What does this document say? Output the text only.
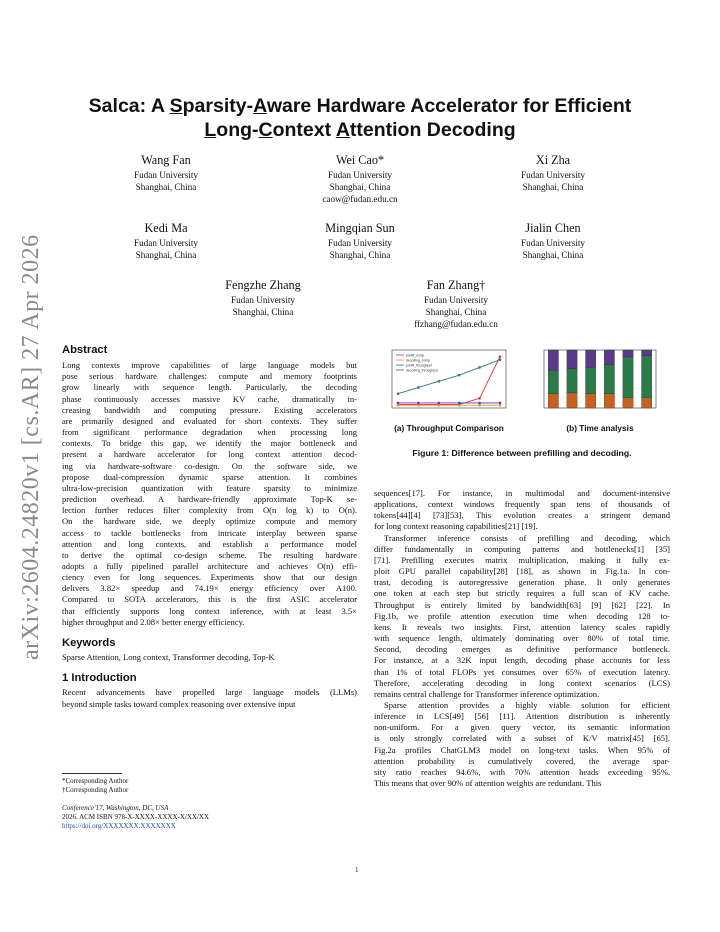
arXiv:2604.24820v1 [cs.AR] 27 Apr 2026
Salca: A Sparsity-Aware Hardware Accelerator for Efficient
Long-Context Attention Decoding
Wang Fan
Fudan University
Shanghai, China
Wei Cao*
Fudan University
Shanghai, China
caow@fudan.edu.cn
Xi Zha
Fudan University
Shanghai, China
Kedi Ma
Fudan University
Shanghai, China
Mingqian Sun
Fudan University
Shanghai, China
Jialin Chen
Fudan University
Shanghai, China
Fengzhe Zhang
Fudan University
Shanghai, China
Fan Zhang†
Fudan University
Shanghai, China
ffzhang@fudan.edu.cn
Abstract
Long contexts improve capabilities of large language models but
pose serious hardware challenges: compute and memory footprints
grow linearly with sequence length. Particularly, the decoding
phase continuously accesses massive KV cache, dramatically in-
creasing bandwidth and computing pressure. Existing accelerators
are primarily designed and evaluated for short contexts. They suffer
from significant performance degradation when processing long
contexts. To bridge this gap, we identify the major bottleneck and
present a hardware accelerator for long context attention decod-
ing via hardware-software co-design. On the software side, we
propose dual-compression dynamic sparse attention. It combines
ultra-low-precision quantization with feature sparsity to minimize
prediction overhead. A hardware-friendly approximate Top-K se-
lection further reduces filter complexity from O(n log k) to O(n).
On the hardware side, we deeply optimize compute and memory
access to tackle bottlenecks from intricate interplay between sparse
attention and long contexts, and establish a performance model
to derive the optimal co-design scheme. The resulting hardware
adopts a fully pipelined parallel architecture and achieves O(n) effi-
ciency even for long sequences. Experiments show that our design
delivers 3.82× speedup and 74.19× energy efficiency over A100.
Compared to SOTA accelerators, this is the first ASIC accelerator
that efficiently supports long context inference, with at least 3.5×
higher throughput and 2.08× better energy efficiency.
Keywords
Sparse Attention, Long context, Transformer decoding, Top-K
1 Introduction
Recent advancements have propelled large language models (LLMs)
beyond simple tasks toward complex reasoning over extensive input
*Corresponding Author
†Corresponding Author
Conference'17, Washington, DC, USA
2026. ACM ISBN 978-X-XXXX-XXXX-X/XX/XX
https://doi.org/XXXXXXX.XXXXXXX
prefill_comp
decoding_comp
prefill_throughput
decoding_throughput
(a) Throughput Comparison	(b) Time analysis
Figure 1: Difference between prefilling and decoding.
sequences[17]. For instance, in multimodal and document-intensive
applications, context windows frequently span tens of thousands of
tokens[44][4] [73][53]. This evolution creates a stringent demand
for long context reasoning capabilities[21] [19].
Transformer inference consists of prefilling and decoding, which
differ fundamentally in computing patterns and bottlenecks[1] [35]
[71]. Prefilling executes matrix multiplication, making it fully ex-
ploit GPU parallel capability[28] [18], as shown in Fig.1a. In con-
trast, decoding is autoregressive generation phase. It only generates
one token at each step but strictly requires a full scan of KV cache.
Throughput is entirely limited by bandwidth[63] [9] [62] [22]. In
Fig.1b, we profile attention execution time when decoding 128 to-
kens. It reveals two insights. First, attention latency scales rapidly
with sequence length, ultimately dominating over 80% of total time.
Second, decoding emerges as definitive performance bottleneck.
For instance, at a 32K input length, decoding phase accounts for less
than 1% of total FLOPs yet consumes over 65% of execution latency.
Therefore, accelerating decoding in long context scenarios (LCS)
remains central challenge for Transformer inference optimization.
Sparse attention provides a highly viable solution for efficient
inference in LCS[49] [56] [11]. Attention distribution is inherently
non-uniform. For a given query vector, its semantic information
is only strongly correlated with a subset of K/V matrix[45] [65].
Fig.2a profiles ChatGLM3 model on long-text tasks. When 95% of
attention probability is cumulatively covered, the average spar-
sity ratio reaches 94.6%, with 70% attention heads exceeding 95%.
This means that over 90% of attention weights are redundant. This
1
